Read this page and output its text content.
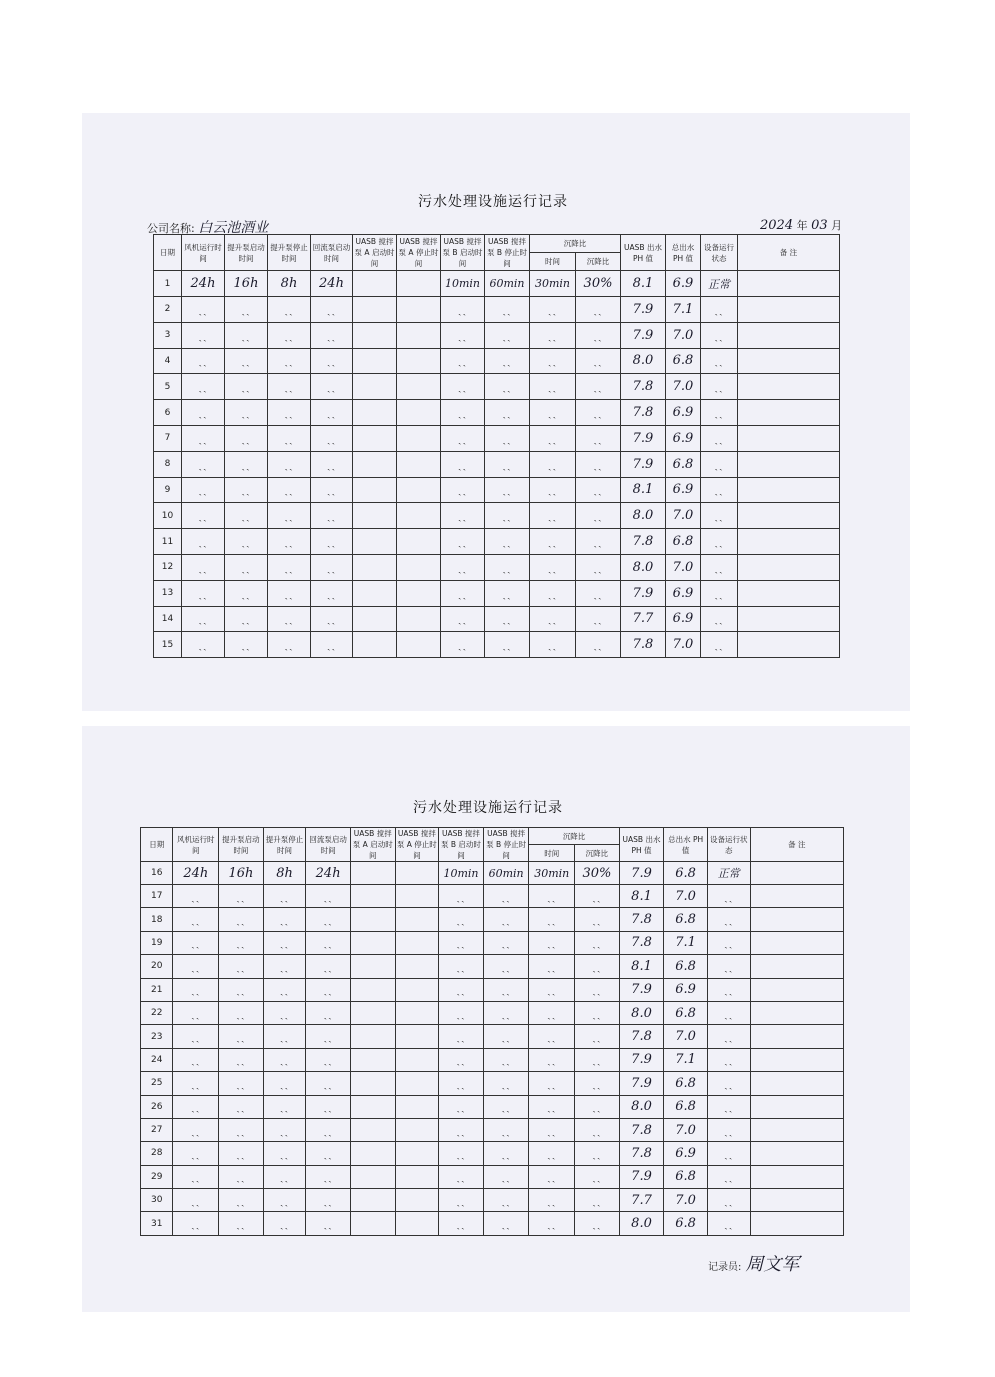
污水处理设施运行记录
公司名称: 白云池酒业	2024 年 03 月
日期	风机运行时间	提升泵启动时间	提升泵停止时间	回流泵启动时间	UASB 搅拌泵 A 启动时间	UASB 搅拌泵 A 停止时间	UASB 搅拌泵 B 启动时间	UASB 搅拌泵 B 停止时间	沉降比		UASB 出水 PH 值	总出水 PH 值	设备运行状态	备 注
									时间	沉降比				
1	24h	16h	8h	24h			10min	60min	30min	30%	8.1	6.9	正常	
2	ˎˏ	ˎˏ	ˎˏ	ˎˏ			ˎˏ	ˎˏ	ˎˏ	ˎˏ	7.9	7.1	ˎˏ	
3	ˎˏ	ˎˏ	ˎˏ	ˎˏ			ˎˏ	ˎˏ	ˎˏ	ˎˏ	7.9	7.0	ˎˏ	
4	ˎˏ	ˎˏ	ˎˏ	ˎˏ			ˎˏ	ˎˏ	ˎˏ	ˎˏ	8.0	6.8	ˎˏ	
5	ˎˏ	ˎˏ	ˎˏ	ˎˏ			ˎˏ	ˎˏ	ˎˏ	ˎˏ	7.8	7.0	ˎˏ	
6	ˎˏ	ˎˏ	ˎˏ	ˎˏ			ˎˏ	ˎˏ	ˎˏ	ˎˏ	7.8	6.9	ˎˏ	
7	ˎˏ	ˎˏ	ˎˏ	ˎˏ			ˎˏ	ˎˏ	ˎˏ	ˎˏ	7.9	6.9	ˎˏ	
8	ˎˏ	ˎˏ	ˎˏ	ˎˏ			ˎˏ	ˎˏ	ˎˏ	ˎˏ	7.9	6.8	ˎˏ	
9	ˎˏ	ˎˏ	ˎˏ	ˎˏ			ˎˏ	ˎˏ	ˎˏ	ˎˏ	8.1	6.9	ˎˏ	
10	ˎˏ	ˎˏ	ˎˏ	ˎˏ			ˎˏ	ˎˏ	ˎˏ	ˎˏ	8.0	7.0	ˎˏ	
11	ˎˏ	ˎˏ	ˎˏ	ˎˏ			ˎˏ	ˎˏ	ˎˏ	ˎˏ	7.8	6.8	ˎˏ	
12	ˎˏ	ˎˏ	ˎˏ	ˎˏ			ˎˏ	ˎˏ	ˎˏ	ˎˏ	8.0	7.0	ˎˏ	
13	ˎˏ	ˎˏ	ˎˏ	ˎˏ			ˎˏ	ˎˏ	ˎˏ	ˎˏ	7.9	6.9	ˎˏ	
14	ˎˏ	ˎˏ	ˎˏ	ˎˏ			ˎˏ	ˎˏ	ˎˏ	ˎˏ	7.7	6.9	ˎˏ	
15	ˎˏ	ˎˏ	ˎˏ	ˎˏ			ˎˏ	ˎˏ	ˎˏ	ˎˏ	7.8	7.0	ˎˏ	
污水处理设施运行记录
日期	风机运行时间	提升泵启动时间	提升泵停止时间	回流泵启动时间	UASB 搅拌泵 A 启动时间	UASB 搅拌泵 A 停止时间	UASB 搅拌泵 B 启动时间	UASB 搅拌泵 B 停止时间	沉降比		UASB 出水 PH 值	总出水 PH 值	设备运行状态	备 注
									时间	沉降比				
16	24h	16h	8h	24h			10min	60min	30min	30%	7.9	6.8	正常	
17	ˎˏ	ˎˏ	ˎˏ	ˎˏ			ˎˏ	ˎˏ	ˎˏ	ˎˏ	8.1	7.0	ˎˏ	
18	ˎˏ	ˎˏ	ˎˏ	ˎˏ			ˎˏ	ˎˏ	ˎˏ	ˎˏ	7.8	6.8	ˎˏ	
19	ˎˏ	ˎˏ	ˎˏ	ˎˏ			ˎˏ	ˎˏ	ˎˏ	ˎˏ	7.8	7.1	ˎˏ	
20	ˎˏ	ˎˏ	ˎˏ	ˎˏ			ˎˏ	ˎˏ	ˎˏ	ˎˏ	8.1	6.8	ˎˏ	
21	ˎˏ	ˎˏ	ˎˏ	ˎˏ			ˎˏ	ˎˏ	ˎˏ	ˎˏ	7.9	6.9	ˎˏ	
22	ˎˏ	ˎˏ	ˎˏ	ˎˏ			ˎˏ	ˎˏ	ˎˏ	ˎˏ	8.0	6.8	ˎˏ	
23	ˎˏ	ˎˏ	ˎˏ	ˎˏ			ˎˏ	ˎˏ	ˎˏ	ˎˏ	7.8	7.0	ˎˏ	
24	ˎˏ	ˎˏ	ˎˏ	ˎˏ			ˎˏ	ˎˏ	ˎˏ	ˎˏ	7.9	7.1	ˎˏ	
25	ˎˏ	ˎˏ	ˎˏ	ˎˏ			ˎˏ	ˎˏ	ˎˏ	ˎˏ	7.9	6.8	ˎˏ	
26	ˎˏ	ˎˏ	ˎˏ	ˎˏ			ˎˏ	ˎˏ	ˎˏ	ˎˏ	8.0	6.8	ˎˏ	
27	ˎˏ	ˎˏ	ˎˏ	ˎˏ			ˎˏ	ˎˏ	ˎˏ	ˎˏ	7.8	7.0	ˎˏ	
28	ˎˏ	ˎˏ	ˎˏ	ˎˏ			ˎˏ	ˎˏ	ˎˏ	ˎˏ	7.8	6.9	ˎˏ	
29	ˎˏ	ˎˏ	ˎˏ	ˎˏ			ˎˏ	ˎˏ	ˎˏ	ˎˏ	7.9	6.8	ˎˏ	
30	ˎˏ	ˎˏ	ˎˏ	ˎˏ			ˎˏ	ˎˏ	ˎˏ	ˎˏ	7.7	7.0	ˎˏ	
31	ˎˏ	ˎˏ	ˎˏ	ˎˏ			ˎˏ	ˎˏ	ˎˏ	ˎˏ	8.0	6.8	ˎˏ	
记录员: 周文军
